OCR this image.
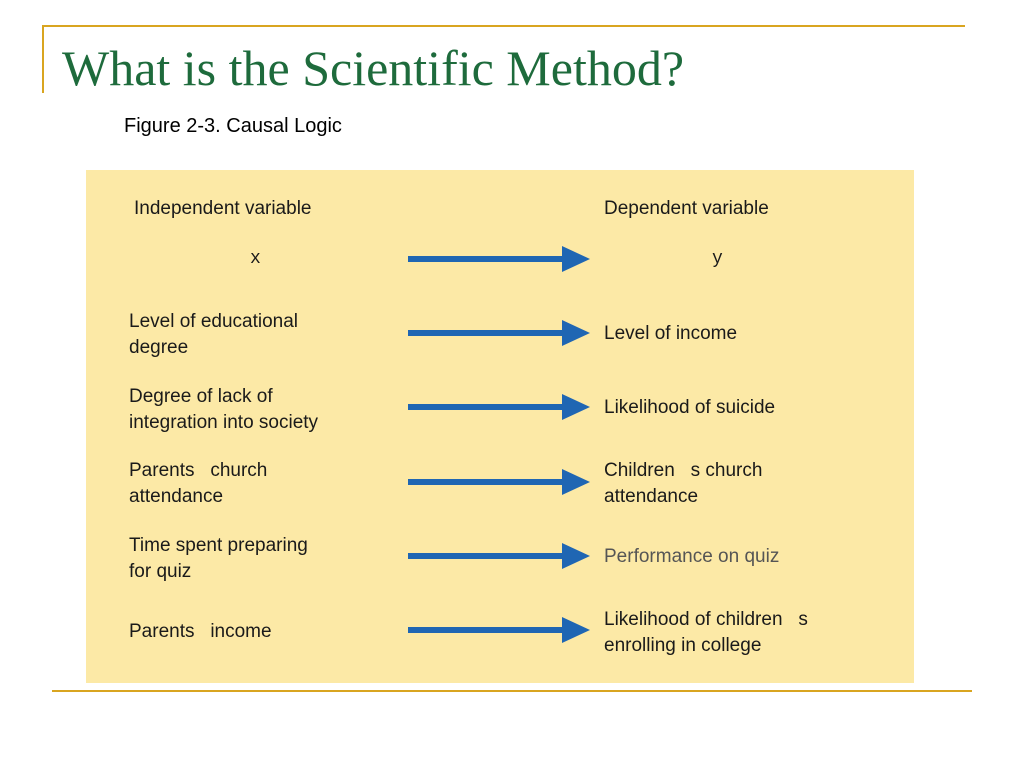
What is the Scientific Method?
Figure 2-3. Causal Logic
Independent variable	Dependent variable
x	y
Level of educational
degree
Level of income
Degree of lack of
integration into society
Likelihood of suicide
Parents   church
attendance
Children   s church
attendance
Time spent preparing
for quiz
Performance on quiz
Parents   income
Likelihood of children   s
enrolling in college
